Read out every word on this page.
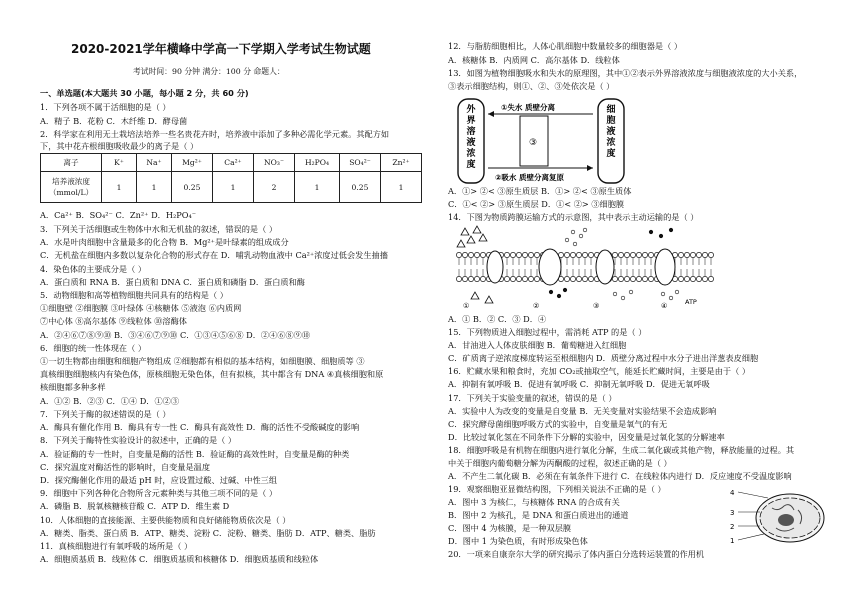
2020-2021学年横峰中学高一下学期入学考试生物试题
考试时间：90 分钟 满分：100 分 命题人：
一、单选题(本大题共 30 小题，每小题 2 分，共 60 分)
1．下列各项不属于活细胞的是（ ）
A．精子 B．花粉 C．木纤维 D．酵母菌
2．科学家在利用无土栽培法培养一些名贵花卉时，培养液中添加了多种必需化学元素。其配方如
下，其中花卉根细胞吸收最少的离子是（ ）
离子	K⁺	Na⁺	Mg²⁺	Ca²⁺	NO₃⁻	H₂PO₄	SO₄²⁻	Zn²⁺

培养液浓度
（mmol/L）	1	1	0.25	1	2	1	0.25	1
A．Ca²⁺ B．SO₄²⁻ C．Zn²⁺ D．H₂PO₄⁻
3．下列关于活细胞或生物体中水和无机盐的叙述，错误的是（ ）
A．水是叶肉细胞中含量最多的化合物 B．Mg²⁺是叶绿素的组成成分
C．无机盐在细胞内多数以复杂化合物的形式存在 D．哺乳动物血液中 Ca²⁺浓度过低会发生抽搐
4．染色体的主要成分是（ ）
A．蛋白质和 RNA B．蛋白质和 DNA C．蛋白质和磷脂 D．蛋白质和酶
5．动物细胞和高等植物细胞共同具有的结构是（ ）
①细胞壁 ②细胞膜 ③叶绿体 ④核糖体 ⑤液泡 ⑥内质网
⑦中心体 ⑧高尔基体 ⑨线粒体 ⑩溶酶体
A．②④⑥⑦⑧⑨⑩ B．③④⑥⑦⑨⑩ C．①③④⑤⑥⑧ D．②④⑥⑧⑨⑩
6．细胞的统一性体现在（ ）
①一切生物都由细胞和细胞产物组成 ②细胞都有相似的基本结构，如细胞膜、细胞质等 ③
真核细胞细胞核内有染色体，原核细胞无染色体，但有拟核，其中都含有 DNA ④真核细胞和原
核细胞都多种多样
A．①② B．②③ C．①④ D．①②③
7．下列关于酶的叙述错误的是（ ）
A．酶具有催化作用 B．酶具有专一性 C．酶具有高效性 D．酶的活性不受酸碱度的影响
8．下列关于酶特性实验设计的叙述中，正确的是（ ）
A．验证酶的专一性时，自变量是酶的活性 B．验证酶的高效性时，自变量是酶的种类
C．探究温度对酶活性的影响时，自变量是温度
D．探究酶催化作用的最适 pH 时，应设置过酸、过碱、中性三组
9．细胞中下列各种化合物所含元素种类与其他三项不同的是（ ）
A．磷脂 B．脱氧核糖核苷酸 C．ATP D．维生素 D
10．人体细胞的直接能源、主要供能物质和良好储能物质依次是（ ）
A．糖类、脂类、蛋白质 B．ATP、糖类、淀粉 C．淀粉、糖类、脂肪 D．ATP、糖类、脂肪
11．真核细胞进行有氧呼吸的场所是（ ）
A．细胞质基质 B．线粒体 C．细胞质基质和核糖体 D．细胞质基质和线粒体
12．与脂肪细胞相比，人体心肌细胞中数量较多的细胞器是（ ）
A．核糖体 B．内质网 C．高尔基体 D．线粒体
13．如图为植物细胞吸水和失水的原理图，其中①②表示外界溶液浓度与细胞液浓度的大小关系，
③表示细胞结构，则①、②、③处依次是（ ）
①失水 质壁分离
②吸水 质壁分离复原
③
外界溶液浓度
细胞液浓度
A．①> ②< ③原生质层 B．①> ②< ③原生质体
C．①< ②> ③原生质层 D．①< ②> ③细胞膜
14．下图为物质跨膜运输方式的示意图，其中表示主动运输的是（ ）
ATP
①	②	③	④
A．① B．② C．③ D．④
15．下列物质进入细胞过程中，需消耗 ATP 的是（ ）
A．甘油进入人体皮肤细胞 B．葡萄糖进入红细胞
C．矿质离子逆浓度梯度转运至根细胞内 D．质壁分离过程中水分子进出洋葱表皮细胞
16．贮藏水果和粮食时，充加 CO₂或抽取空气，能延长贮藏时间，主要是由于（ ）
A．抑制有氧呼吸 B．促进有氧呼吸 C．抑制无氧呼吸 D．促进无氧呼吸
17．下列关于实验变量的叙述，错误的是（ ）
A．实验中人为改变的变量是自变量 B．无关变量对实验结果不会造成影响
C．探究酵母菌细胞呼吸方式的实验中，自变量是氧气的有无
D．比较过氧化氢在不同条件下分解的实验中，因变量是过氧化氢的分解速率
18．细胞呼吸是有机物在细胞内进行氧化分解，生成二氧化碳或其他产物，释放能量的过程。其
中关于细胞内葡萄糖分解为丙酮酸的过程，叙述正确的是（ ）
A．不产生二氧化碳 B．必须在有氧条件下进行 C．在线粒体内进行 D．反应速度不受温度影响
19．观察细胞亚显微结构图，下列相关说法不正确的是（ ）
A．图中 3 为核仁，与核糖体 RNA 的合成有关
B．图中 2 为核孔，是 DNA 和蛋白质进出的通道
C．图中 4 为核膜，是一种双层膜
D．图中 1 为染色质，有时形成染色体
20．一项来自康奈尔大学的研究揭示了体内蛋白分选转运装置的作用机
4
3
2
1
